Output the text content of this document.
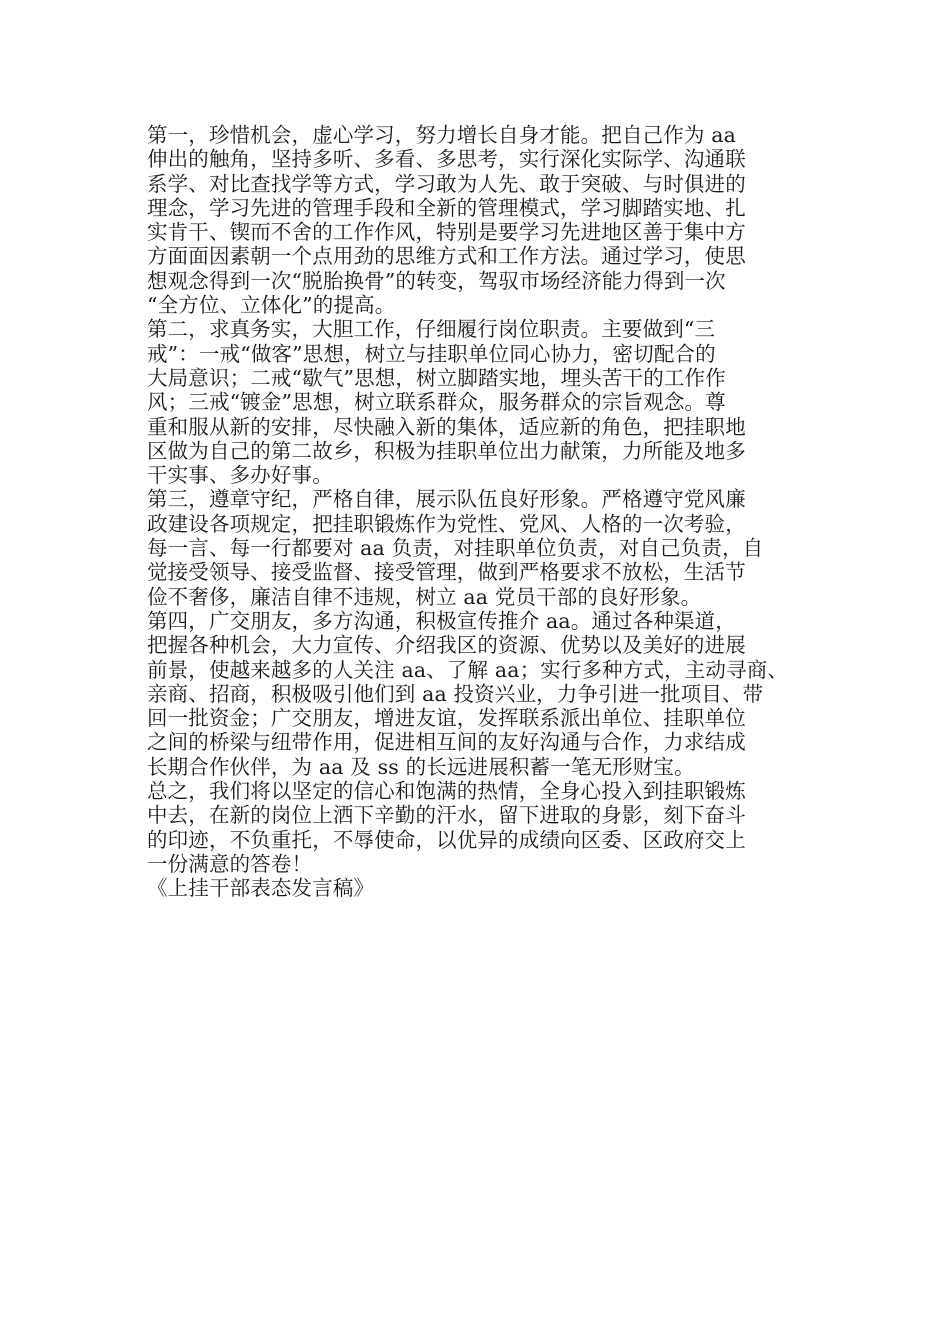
第一，珍惜机会，虚心学习，努力增长自身才能。把自己作为 aa
伸出的触角，坚持多听、多看、多思考，实行深化实际学、沟通联
系学、对比查找学等方式，学习敢为人先、敢于突破、与时俱进的
理念，学习先进的管理手段和全新的管理模式，学习脚踏实地、扎
实肯干、锲而不舍的工作作风，特别是要学习先进地区善于集中方
方面面因素朝一个点用劲的思维方式和工作方法。通过学习，使思
想观念得到一次“脱胎换骨”的转变，驾驭市场经济能力得到一次
“全方位、立体化”的提高。
第二，求真务实，大胆工作，仔细履行岗位职责。主要做到“三
戒”：一戒“做客”思想，树立与挂职单位同心协力，密切配合的
大局意识；二戒“歇气”思想，树立脚踏实地，埋头苦干的工作作
风；三戒“镀金”思想，树立联系群众，服务群众的宗旨观念。尊
重和服从新的安排，尽快融入新的集体，适应新的角色，把挂职地
区做为自己的第二故乡，积极为挂职单位出力献策，力所能及地多
干实事、多办好事。
第三，遵章守纪，严格自律，展示队伍良好形象。严格遵守党风廉
政建设各项规定，把挂职锻炼作为党性、党风、人格的一次考验，
每一言、每一行都要对 aa 负责，对挂职单位负责，对自己负责，自
觉接受领导、接受监督、接受管理，做到严格要求不放松，生活节
俭不奢侈，廉洁自律不违规，树立 aa 党员干部的良好形象。
第四，广交朋友，多方沟通，积极宣传推介 aa。通过各种渠道，
把握各种机会，大力宣传、介绍我区的资源、优势以及美好的进展
前景，使越来越多的人关注 aa、了解 aa；实行多种方式，主动寻商、
亲商、招商，积极吸引他们到 aa 投资兴业，力争引进一批项目、带
回一批资金；广交朋友，增进友谊，发挥联系派出单位、挂职单位
之间的桥梁与纽带作用，促进相互间的友好沟通与合作，力求结成
长期合作伙伴，为 aa 及 ss 的长远进展积蓄一笔无形财宝。
总之，我们将以坚定的信心和饱满的热情，全身心投入到挂职锻炼
中去，在新的岗位上洒下辛勤的汗水，留下进取的身影，刻下奋斗
的印迹，不负重托，不辱使命，以优异的成绩向区委、区政府交上
一份满意的答卷！
《上挂干部表态发言稿》
